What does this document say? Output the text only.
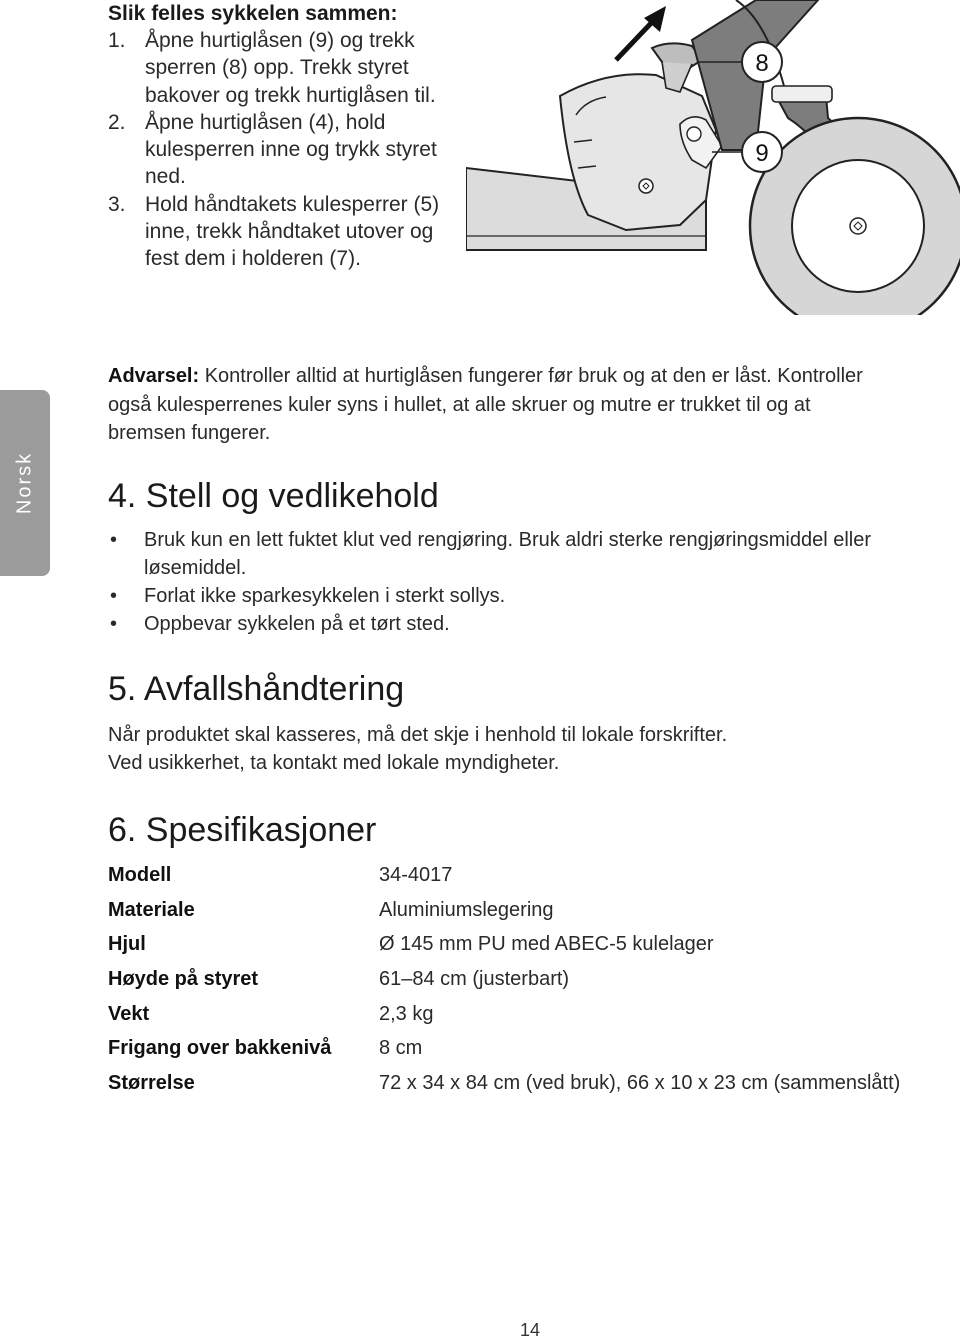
Slik felles sykkelen sammen:
1. Åpne hurtiglåsen (9) og trekk sperren (8) opp. Trekk styret bakover og trekk hurtiglåsen til.
2. Åpne hurtiglåsen (4), hold kulesperren inne og trykk styret ned.
3. Hold håndtakets kulesperrer (5) inne, trekk håndtaket utover og fest dem i holderen (7).
8
9
Norsk
Advarsel: Kontroller alltid at hurtiglåsen fungerer før bruk og at den er låst. Kontroller også kulesperrenes kuler syns i hullet, at alle skruer og mutre er trukket til og at bremsen fungerer.
4. Stell og vedlikehold
• Bruk kun en lett fuktet klut ved rengjøring. Bruk aldri sterke rengjøringsmiddel eller løsemiddel.
• Forlat ikke sparkesykkelen i sterkt sollys.
• Oppbevar sykkelen på et tørt sted.
5. Avfallshåndtering
Når produktet skal kasseres, må det skje i henhold til lokale forskrifter.
Ved usikkerhet, ta kontakt med lokale myndigheter.
6. Spesifikasjoner
Modell	34-4017
Materiale	Aluminiumslegering
Hjul	Ø 145 mm PU med ABEC-5 kulelager
Høyde på styret	61–84 cm (justerbart)
Vekt	2,3 kg
Frigang over bakkenivå 8 cm
Størrelse	72 x 34 x 84 cm (ved bruk), 66 x 10 x 23 cm (sammenslått)
14
